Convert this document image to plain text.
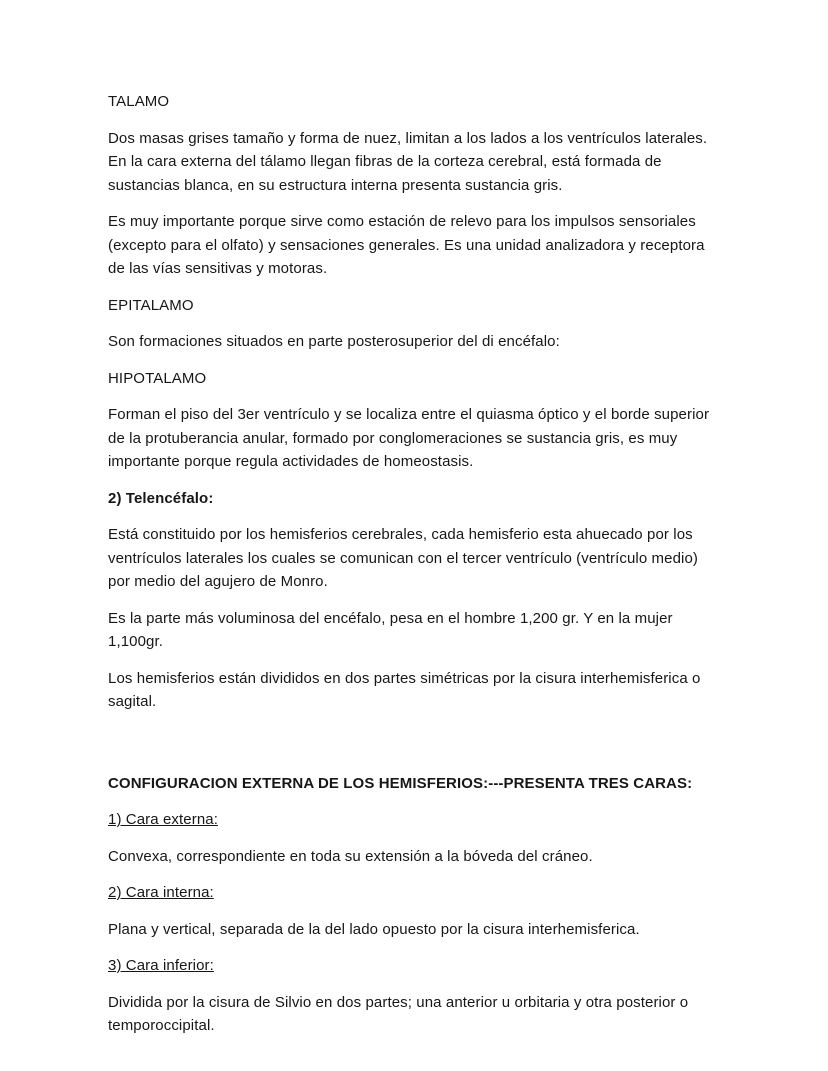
TALAMO

Dos masas grises tamaño y forma de nuez, limitan a los lados a los ventrículos laterales. En la cara externa del tálamo llegan fibras de la corteza cerebral, está formada de sustancias blanca, en su estructura interna presenta sustancia gris.

Es muy importante porque sirve como estación de relevo para los impulsos sensoriales (excepto para el olfato) y sensaciones generales. Es una unidad analizadora y receptora de las vías sensitivas y motoras.

EPITALAMO

Son formaciones situados en parte posterosuperior del di encéfalo:

HIPOTALAMO

Forman el piso del 3er ventrículo y se localiza entre el quiasma óptico y el borde superior de la protuberancia anular, formado por conglomeraciones se sustancia gris, es muy importante porque regula actividades de homeostasis.

2) Telencéfalo:

Está constituido por los hemisferios cerebrales, cada hemisferio esta ahuecado por los ventrículos laterales los cuales se comunican con el tercer ventrículo (ventrículo medio) por medio del agujero de Monro.

Es la parte más voluminosa del encéfalo, pesa en el hombre 1,200 gr. Y en la mujer 1,100gr.

Los hemisferios están divididos en dos partes simétricas por la cisura interhemisferica o sagital.

CONFIGURACION EXTERNA DE LOS HEMISFERIOS:---PRESENTA TRES CARAS:

1) Cara externa:

Convexa, correspondiente en toda su extensión a la bóveda del cráneo.

2) Cara interna:

Plana y vertical, separada de la del lado opuesto por la cisura interhemisferica.

3) Cara inferior:

Dividida por la cisura de Silvio en dos partes; una anterior u orbitaria y otra posterior o temporoccipital.
